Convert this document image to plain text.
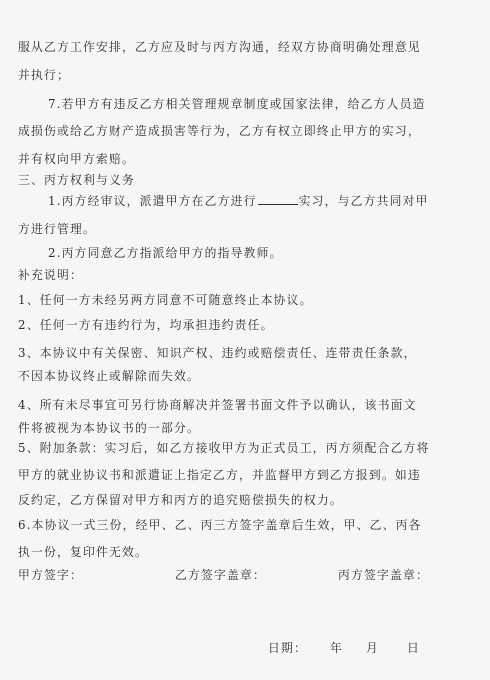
服从乙方工作安排，乙方应及时与丙方沟通，经双方协商明确处理意见
并执行；
7.若甲方有违反乙方相关管理规章制度或国家法律，给乙方人员造
成损伤或给乙方财产造成损害等行为，乙方有权立即终止甲方的实习，
并有权向甲方索赔。
三、丙方权利与义务
1.丙方经审议，派遣甲方在乙方进行	实习，与乙方共同对甲
方进行管理。
2.丙方同意乙方指派给甲方的指导教师。
补充说明：
1、任何一方未经另两方同意不可随意终止本协议。
2、任何一方有违约行为，均承担违约责任。
3、本协议中有关保密、知识产权、违约或赔偿责任、连带责任条款，
不因本协议终止或解除而失效。
4、所有未尽事宜可另行协商解决并签署书面文件予以确认，该书面文
件将被视为本协议书的一部分。
5、附加条款：实习后，如乙方接收甲方为正式员工，丙方须配合乙方将
甲方的就业协议书和派遣证上指定乙方，并监督甲方到乙方报到。如违
反约定，乙方保留对甲方和丙方的追究赔偿损失的权力。
6.本协议一式三份，经甲、乙、丙三方签字盖章后生效，甲、乙、丙各
执一份，复印件无效。
甲方签字：	乙方签字盖章：	丙方签字盖章：
日期： 年 月 日
